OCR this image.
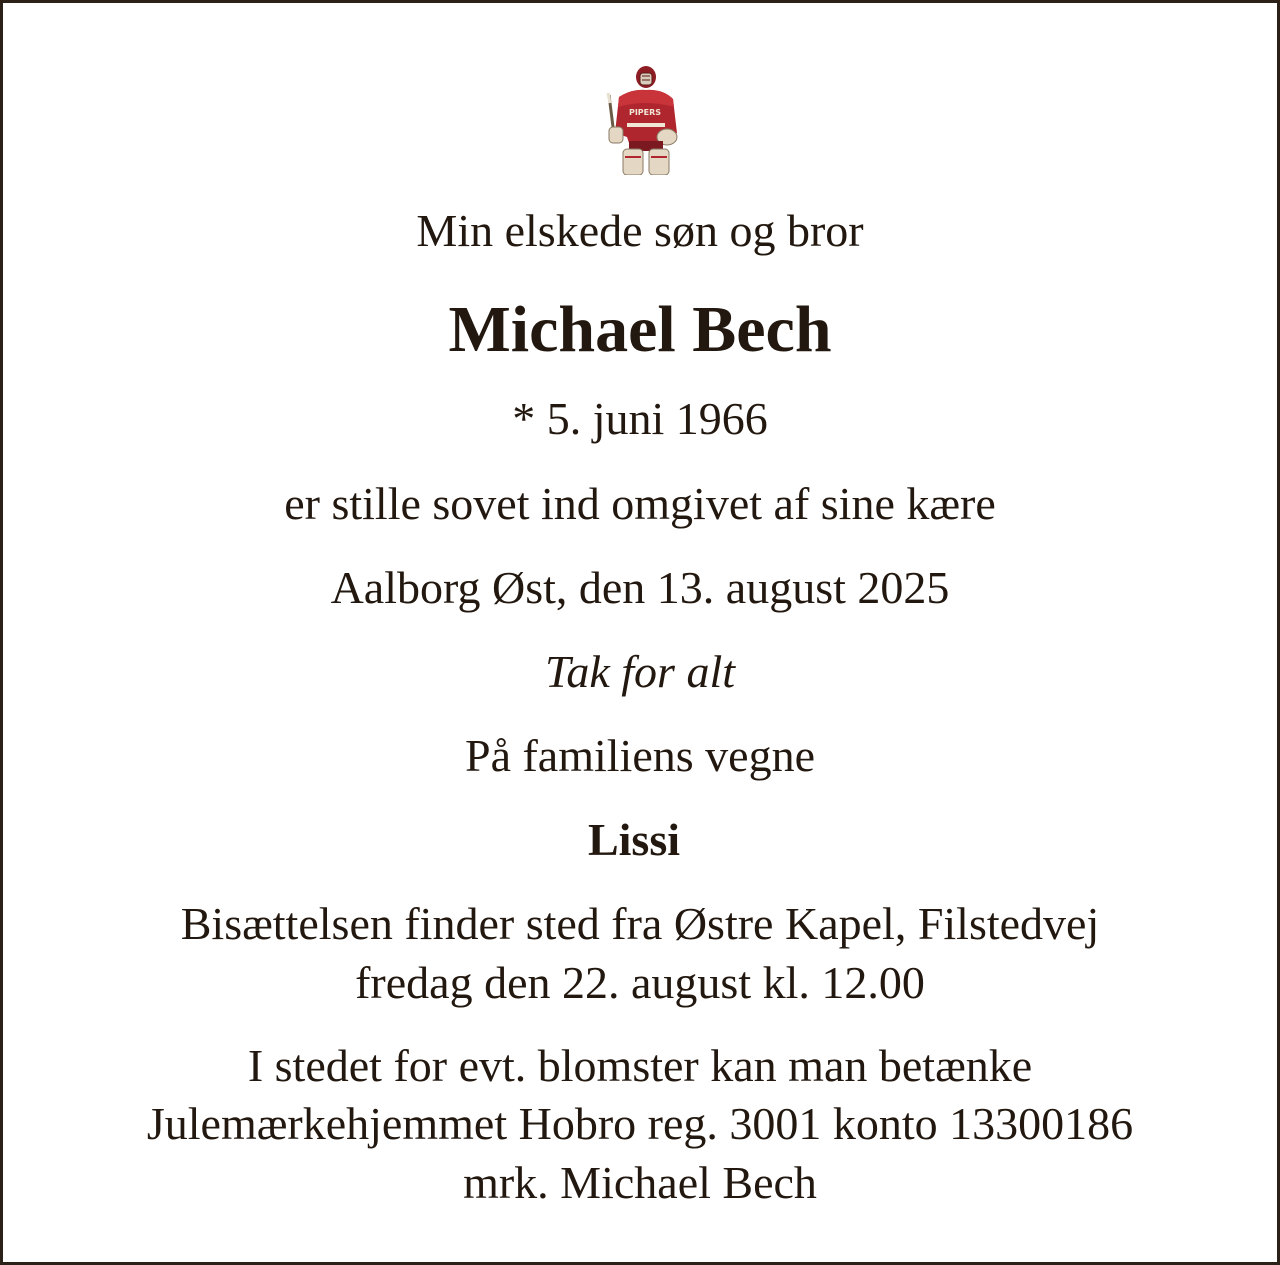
PIPERS
Min elskede søn og bror
Michael Bech
* 5. juni 1966
er stille sovet ind omgivet af sine kære
Aalborg Øst, den 13. august 2025
Tak for alt
På familiens vegne
Lissi
Bisættelsen finder sted fra Østre Kapel, Filstedvej
fredag den 22. august kl. 12.00
I stedet for evt. blomster kan man betænke
Julemærkehjemmet Hobro reg. 3001 konto 13300186
mrk. Michael Bech
